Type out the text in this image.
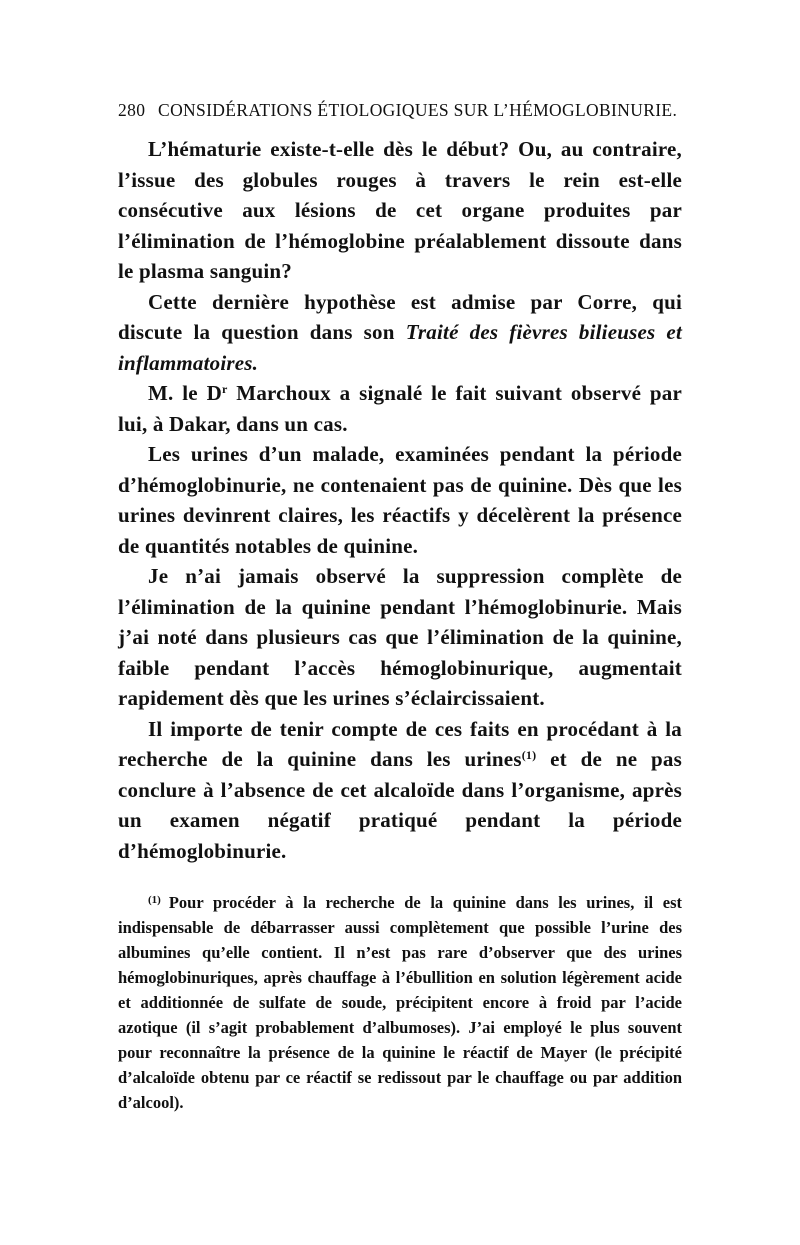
280 CONSIDÉRATIONS ÉTIOLOGIQUES SUR L’HÉMOGLOBINURIE.

L’hématurie existe-t-elle dès le début? Ou, au contraire, l’issue des globules rouges à travers le rein est-elle consécutive aux lésions de cet organe produites par l’élimination de l’hémoglobine préalablement dissoute dans le plasma sanguin?

Cette dernière hypothèse est admise par Corre, qui discute la question dans son Traité des fièvres bilieuses et inflammatoires.

M. le $D^r$ Marchoux a signalé le fait suivant observé par lui, à Dakar, dans un cas.

Les urines d’un malade, examinées pendant la période d’hémoglobinurie, ne contenaient pas de quinine. Dès que les urines devinrent claires, les réactifs y décelèrent la présence de quantités notables de quinine.

Je n’ai jamais observé la suppression complète de l’élimination de la quinine pendant l’hémoglobinurie. Mais j’ai noté dans plusieurs cas que l’élimination de la quinine, faible pendant l’accès hémoglobinurique, augmentait rapidement dès que les urines s’éclaircissaient.

Il importe de tenir compte de ces faits en procédant à la recherche de la quinine dans les urines$^{(1)}$ et de ne pas conclure à l’absence de cet alcaloïde dans l’organisme, après un examen négatif pratiqué pendant la période d’hémoglobinurie.

$^{(1)}$ Pour procéder à la recherche de la quinine dans les urines, il est indispensable de débarrasser aussi complètement que possible l’urine des albumines qu’elle contient. Il n’est pas rare d’observer que des urines hémoglobinuriques, après chauffage à l’ébullition en solution légèrement acide et additionnée de sulfate de soude, précipitent encore à froid par l’acide azotique (il s’agit probablement d’albumoses). J’ai employé le plus souvent pour reconnaître la présence de la quinine le réactif de Mayer (le précipité d’alcaloïde obtenu par ce réactif se redissout par le chauffage ou par addition d’alcool).
